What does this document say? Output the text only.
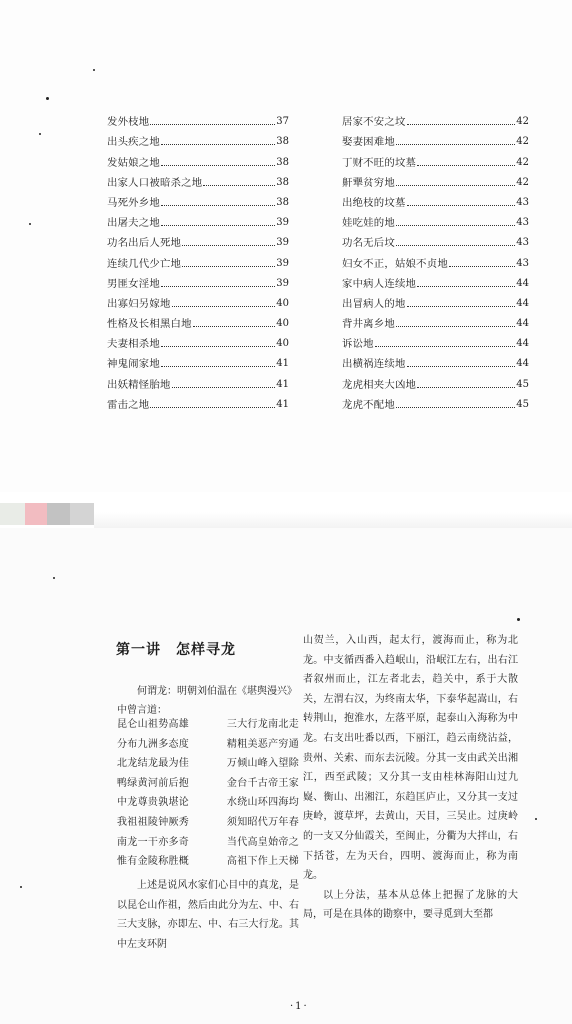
发外枝地	37
出头疾之地	38
发姑娘之地	38
出家人口被暗杀之地	38
马死外乡地	38
出屠夫之地	39
功名出后人死地	39
连续几代少亡地	39
男匪女淫地	39
出寡妇另嫁地	40
性格及长相黑白地	40
夫妻相杀地	40
神鬼闹家地	41
出妖精怪胎地	41
雷击之地	41
居家不安之坟	42
娶妻困难地	42
丁财不旺的坟墓	42
鼾犟贫穷地	42
出绝枝的坟墓	43
娃吃娃的地	43
功名无后坟	43
妇女不正，姑娘不贞地	43
家中病人连续地	44
出冒病人的地	44
背井离乡地	44
诉讼地	44
出横祸连续地	44
龙虎相夹大凶地	45
龙虎不配地	45
第一讲　怎样寻龙
何谓龙：明朝刘伯温在《堪舆漫兴》中曾言道：
昆仑山祖势高雄	三大行龙南北走
分布九洲多态度	精粗美恶产穷通
北龙结龙最为佳	万倾山峰入望除
鸭绿黄河前后抱	金台千古帝王家
中龙尊贵孰堪论	水绕山环四海均
我祖祖陵钟厥秀	须知昭代万年春
南龙一干亦多奇	当代高皇始帝之
惟有金陵称胜概	高祖下作上天梯
上述是说风水家们心目中的真龙，是以昆仑山作祖，然后由此分为左、中、右三大支脉，亦即左、中、右三大行龙。其中左支环阴

山贺兰，入山西，起太行，渡海而止，称为北龙。中支循西番入趋岷山，沿岷江左右，出右江者叙州而止，江左者北去，趋关中，系于大散关，左渭右汉，为终南太华，下泰华起嵩山，右转荆山，抱淮水，左落平原，起泰山入海称为中龙。右支出吐番以西，下丽江，趋云南绕沾益，贵州、关索、而东去沅陵。分其一支由武关出湘江，西至武陵；又分其一支由桂林海阳山过九嶷、衡山、出湘江，东趋匡庐止，又分其一支过庚岭，渡草坪，去黄山，天目，三吴止。过庚岭的一支又分仙霞关，至闽止，分衢为大拌山，右下括苍，左为天台，四明、渡海而止，称为南龙。

以上分法，基本从总体上把握了龙脉的大局，可是在具体的勘察中，要寻觅到大至都

·1·
